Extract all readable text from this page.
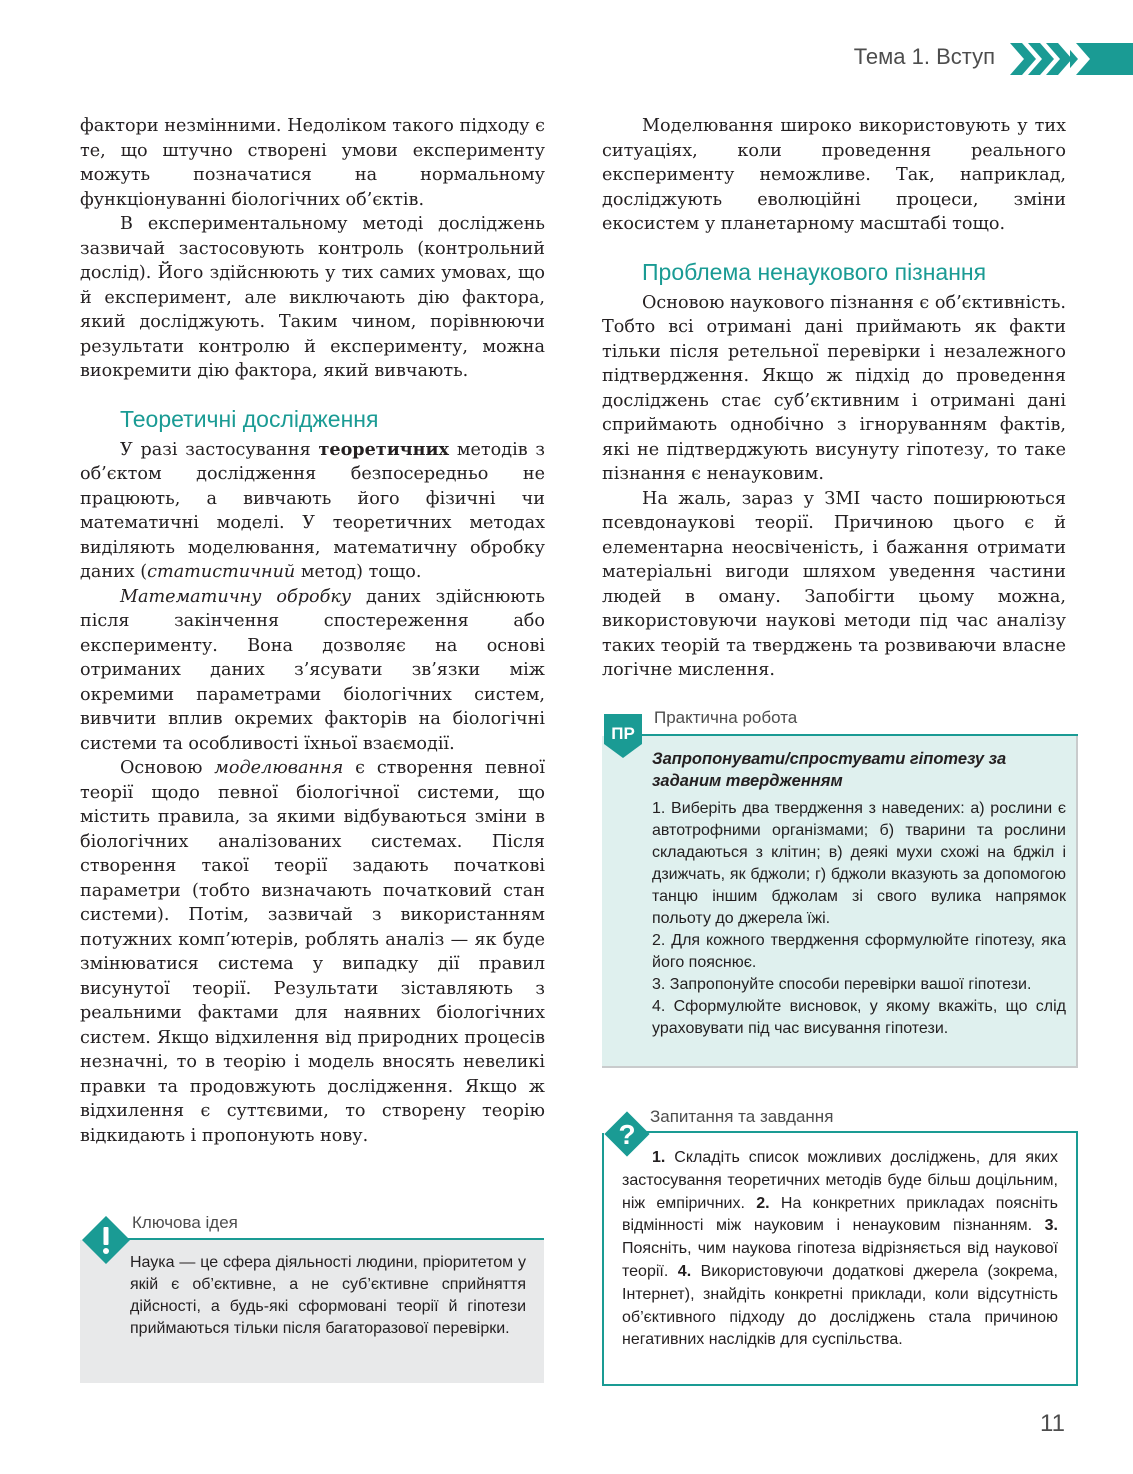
Тема 1. Вступ

фактори незмінними. Недоліком такого підходу є те, що штучно створені умови експерименту можуть позначатися на нормальному функціонуванні біологічних об’єктів.

В експериментальному методі досліджень зазвичай застосовують контроль (контрольний дослід). Його здійснюють у тих самих умовах, що й експеримент, але виключають дію фактора, який досліджують. Таким чином, порівнюючи результати контролю й експерименту, можна виокремити дію фактора, який вивчають.

Теоретичні дослідження

У разі застосування теоретичних методів з об’єктом дослідження безпосередньо не працюють, а вивчають його фізичні чи математичні моделі. У теоретичних методах виділяють моделювання, математичну обробку даних (статистичний метод) тощо.

Математичну обробку даних здійснюють після закінчення спостереження або експерименту. Вона дозволяє на основі отриманих даних з’ясувати зв’язки між окремими параметрами біологічних систем, вивчити вплив окремих факторів на біологічні системи та особливості їхньої взаємодії.

Основою моделювання є створення певної теорії щодо певної біологічної системи, що містить правила, за якими відбуваються зміни в біологічних аналізованих системах. Після створення такої теорії задають початкові параметри (тобто визначають початковий стан системи). Потім, зазвичай з використанням потужних комп’ютерів, роблять аналіз — як буде змінюватися система у випадку дії правил висунутої теорії. Результати зіставляють з реальними фактами для наявних біологічних систем. Якщо відхилення від природних процесів незначні, то в теорію і модель вносять невеликі правки та продовжують дослідження. Якщо ж відхилення є суттєвими, то створену теорію відкидають і пропонують нову.

Наука — це сфера діяльності людини, пріоритетом у якій є об’єктивне, а не суб’єктивне сприйняття дійсності, а будь-які сформовані теорії й гіпотези приймаються тільки після багаторазової перевірки.
Ключова ідея

Моделювання широко використовують у тих ситуаціях, коли проведення реального експерименту неможливе. Так, наприклад, досліджують еволюційні процеси, зміни екосистем у планетарному масштабі тощо.

Проблема ненаукового пізнання

Основою наукового пізнання є об’єктивність. Тобто всі отримані дані приймають як факти тільки після ретельної перевірки і незалежного підтвердження. Якщо ж підхід до проведення досліджень стає суб’єктивним і отримані дані сприймають однобічно з ігноруванням фактів, які не підтверджують висунуту гіпотезу, то таке пізнання є ненауковим.

На жаль, зараз у ЗМІ часто поширюються псевдонаукові теорії. Причиною цього є й елементарна неосвіченість, і бажання отримати матеріальні вигоди шляхом уведення частини людей в оману. Запобігти цьому можна, використовуючи наукові методи під час аналізу таких теорій та тверджень та розвиваючи власне логічне мислення.

Запропонувати/спростувати гіпотезу за заданим твердженням
1. Виберіть два твердження з наведених: а) рослини є автотрофними організмами; б) тварини та рослини складаються з клітин; в) деякі мухи схожі на бджіл і дзижчать, як бджоли; г) бджоли вказують за допомогою танцю іншим бджолам зі свого вулика напрямок польоту до джерела їжі.
2. Для кожного твердження сформулюйте гіпотезу, яка його пояснює.
3. Запропонуйте способи перевірки вашої гіпотези.
4. Сформулюйте висновок, у якому вкажіть, що слід ураховувати під час висування гіпотези.
Практична робота
ПР
1. Складіть список можливих досліджень, для яких застосування теоретичних методів буде більш доцільним, ніж емпіричних. 2. На конкретних прикладах поясніть відмінності між науковим і ненауковим пізнанням. 3. Поясніть, чим наукова гіпотеза відрізняється від наукової теорії. 4. Використовуючи додаткові джерела (зокрема, Інтернет), знайдіть конкретні приклади, коли відсутність об’єктивного підходу до досліджень стала причиною негативних наслідків для суспільства.
Запитання та завдання
?
11
